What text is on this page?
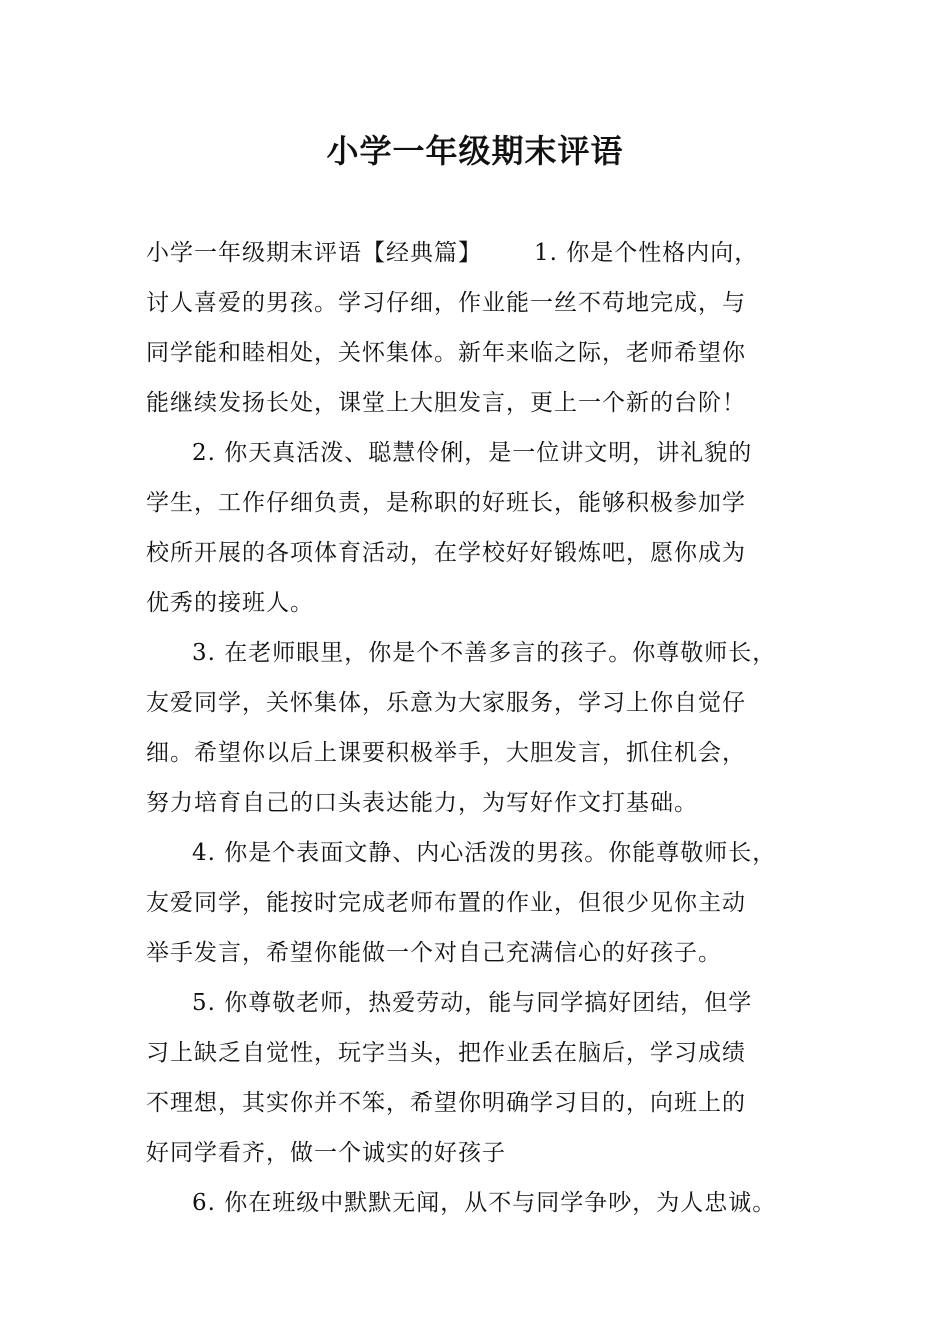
小学一年级期末评语
小学一年级期末评语【经典篇】 1. 你是个性格内向，
讨人喜爱的男孩。学习仔细，作业能一丝不苟地完成，与
同学能和睦相处，关怀集体。新年来临之际，老师希望你
能继续发扬长处，课堂上大胆发言，更上一个新的台阶！
2. 你天真活泼、聪慧伶俐，是一位讲文明，讲礼貌的
学生，工作仔细负责，是称职的好班长，能够积极参加学
校所开展的各项体育活动，在学校好好锻炼吧，愿你成为
优秀的接班人。
3. 在老师眼里，你是个不善多言的孩子。你尊敬师长，
友爱同学，关怀集体，乐意为大家服务，学习上你自觉仔
细。希望你以后上课要积极举手，大胆发言，抓住机会，
努力培育自己的口头表达能力，为写好作文打基础。
4. 你是个表面文静、内心活泼的男孩。你能尊敬师长，
友爱同学，能按时完成老师布置的作业，但很少见你主动
举手发言，希望你能做一个对自己充满信心的好孩子。
5. 你尊敬老师，热爱劳动，能与同学搞好团结，但学
习上缺乏自觉性，玩字当头，把作业丢在脑后，学习成绩
不理想，其实你并不笨，希望你明确学习目的，向班上的
好同学看齐，做一个诚实的好孩子
6. 你在班级中默默无闻，从不与同学争吵，为人忠诚。
